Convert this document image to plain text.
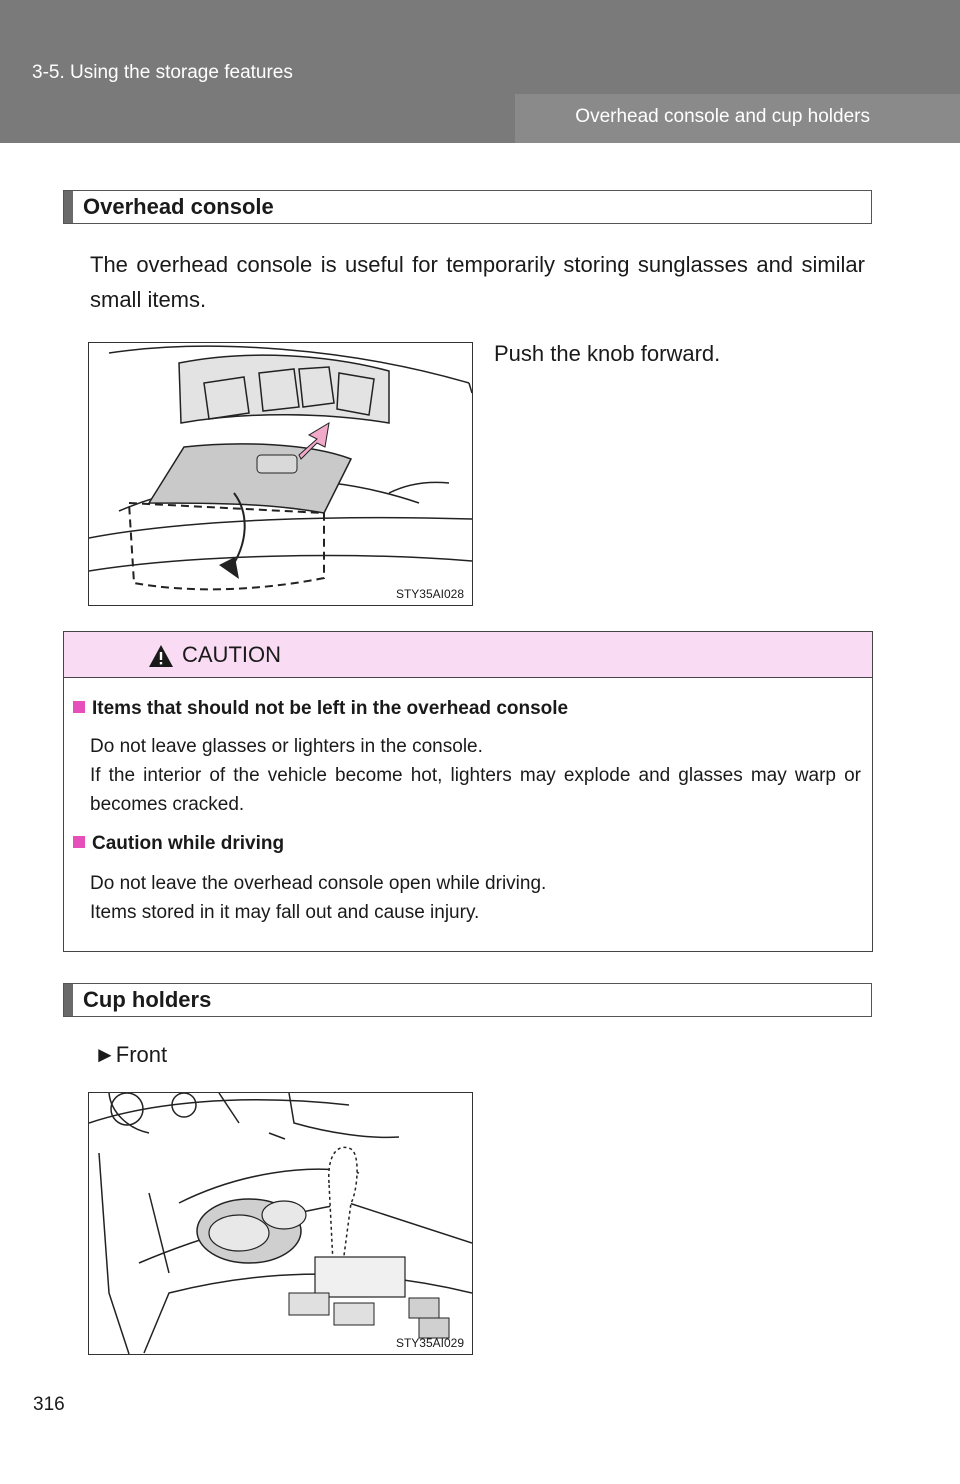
3-5. Using the storage features
Overhead console and cup holders
Overhead console
The overhead console is useful for temporarily storing sunglasses and similar small items.
STY35AI028
Push the knob forward.
CAUTION
Items that should not be left in the overhead console
Do not leave glasses or lighters in the console.
If the interior of the vehicle become hot, lighters may explode and glasses may warp or becomes cracked.
Caution while driving
Do not leave the overhead console open while driving.
Items stored in it may fall out and cause injury.
Cup holders
►Front
STY35AI029
316
